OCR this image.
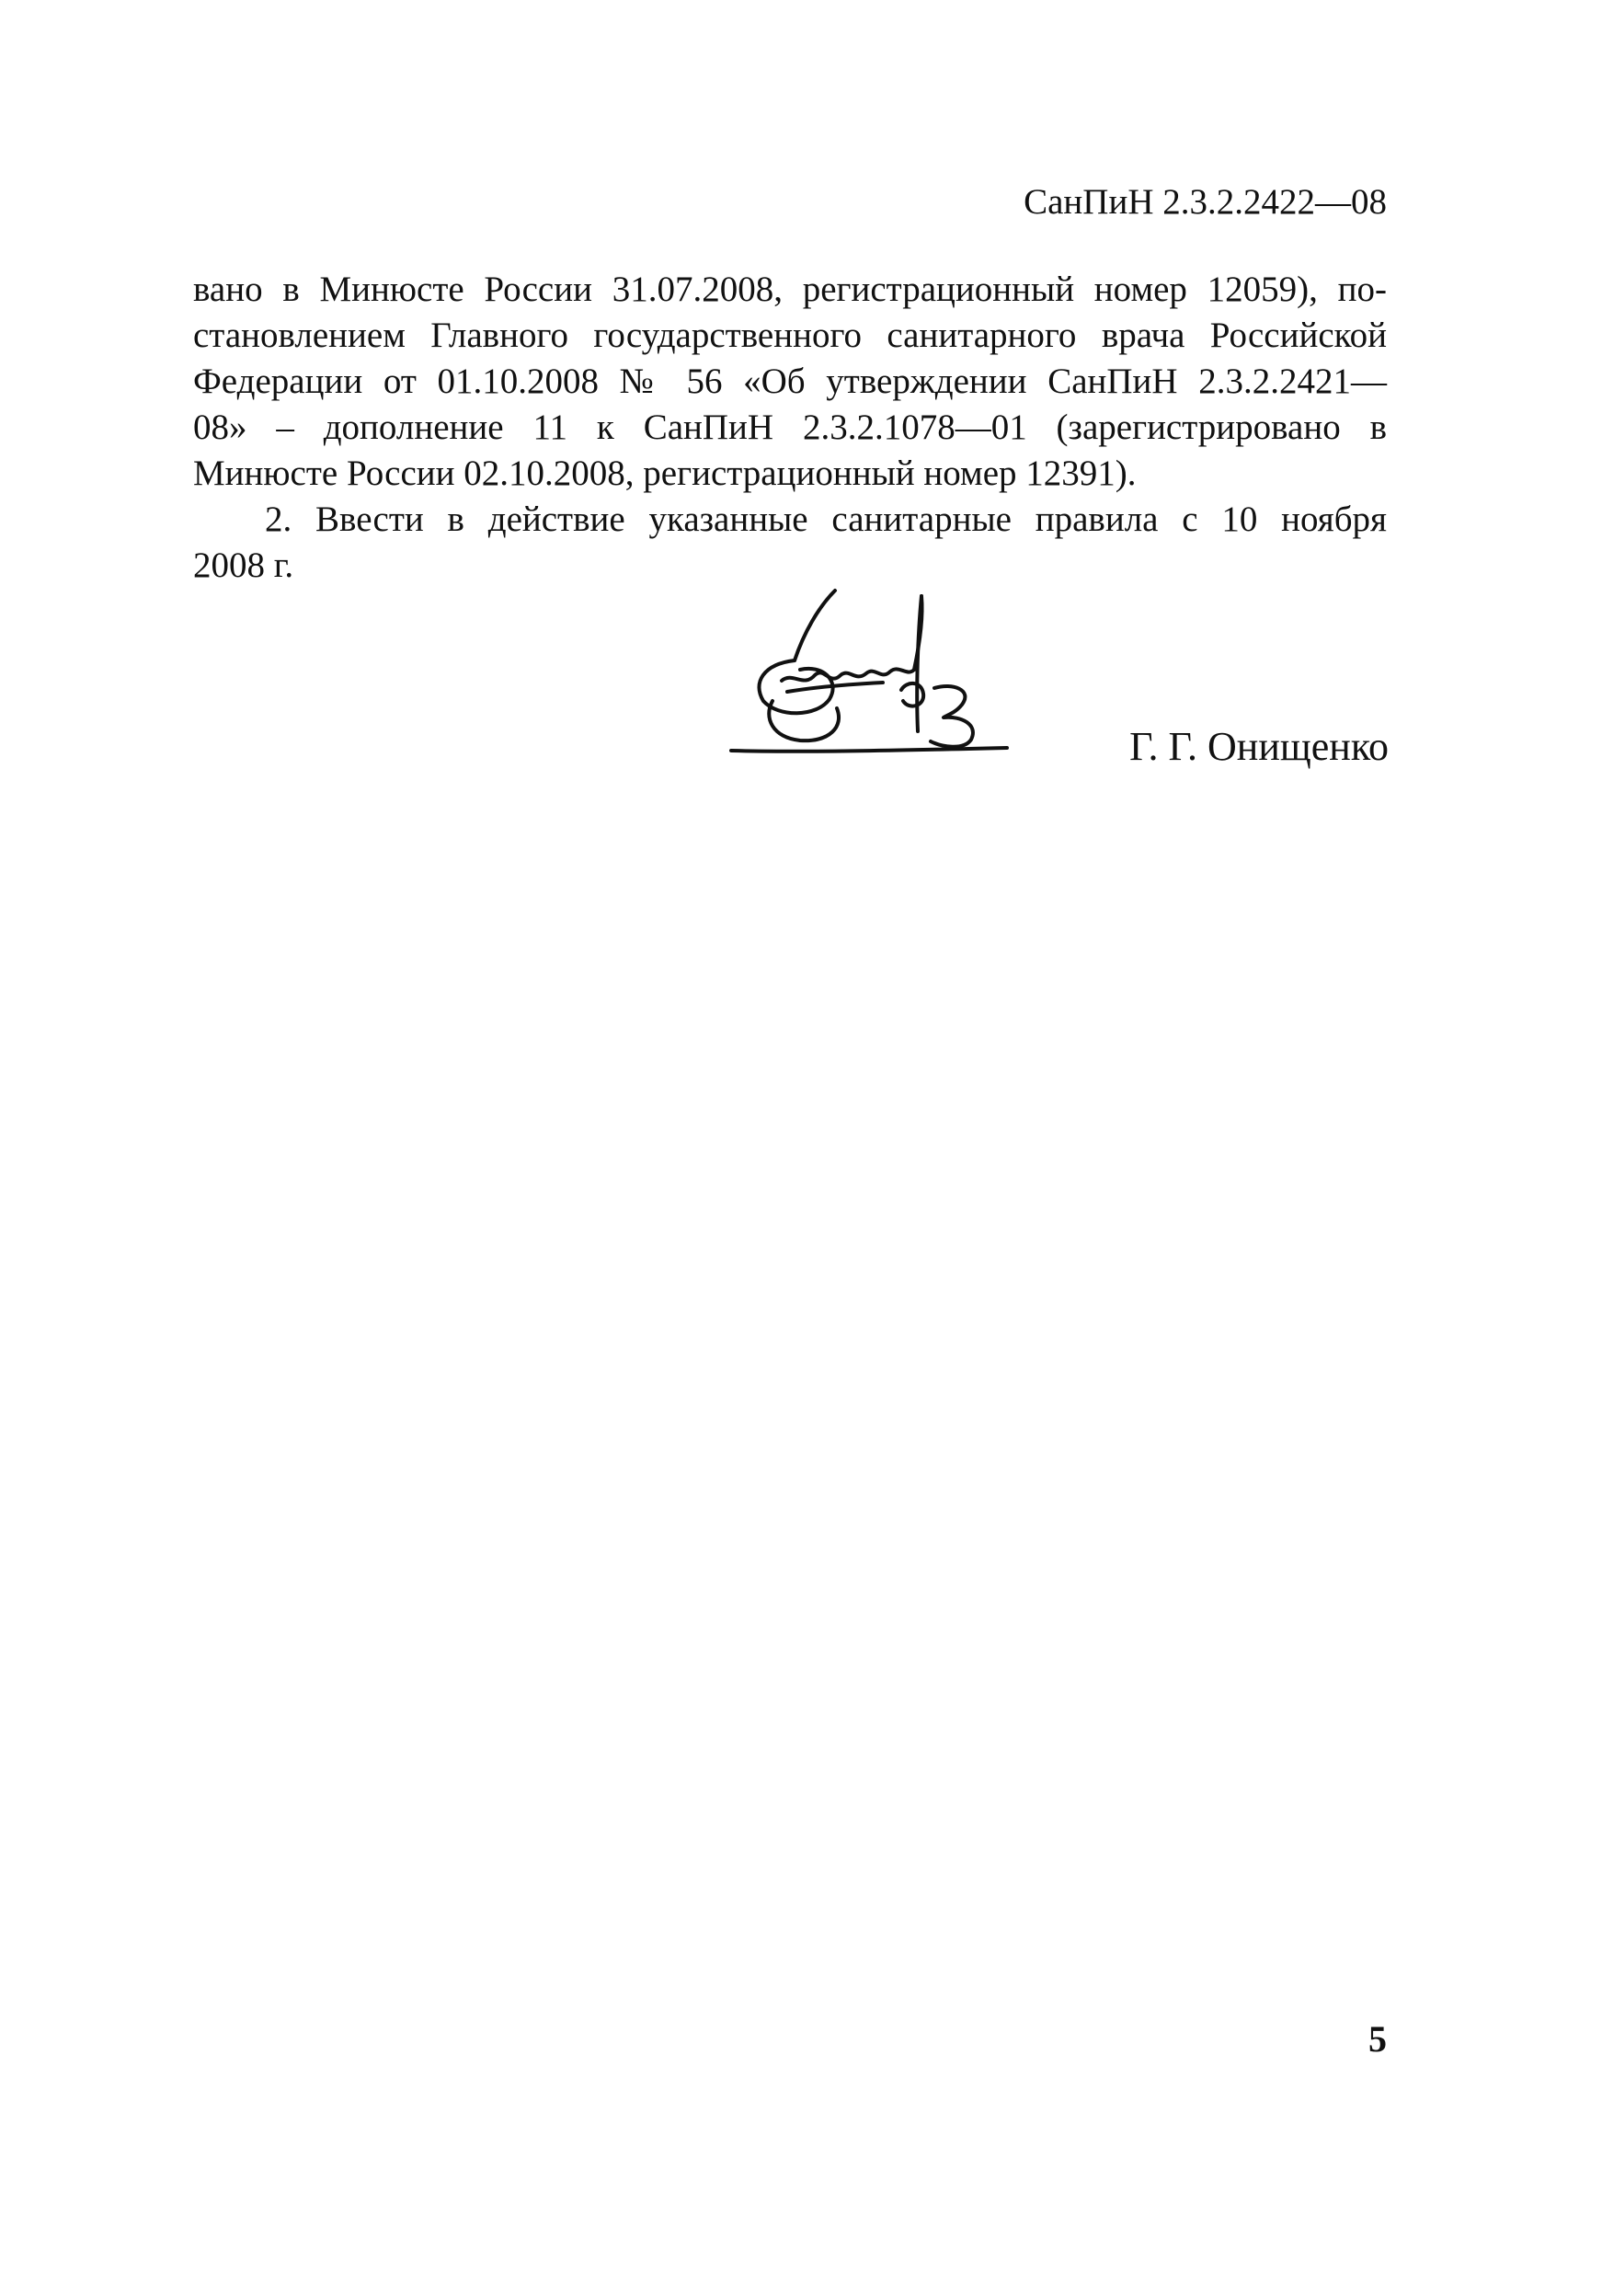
СанПиН 2.3.2.2422—08

вано в Минюсте России 31.07.2008, регистрационный номер 12059), по-
становлением Главного государственного санитарного врача Российской
Федерации от 01.10.2008 № 56 «Об утверждении СанПиН 2.3.2.2421—
08» – дополнение 11 к СанПиН 2.3.2.1078—01 (зарегистрировано в
Минюсте России 02.10.2008, регистрационный номер 12391).

2. Ввести в действие указанные санитарные правила с 10 ноября
2008 г.

Г. Г. Онищенко
5
